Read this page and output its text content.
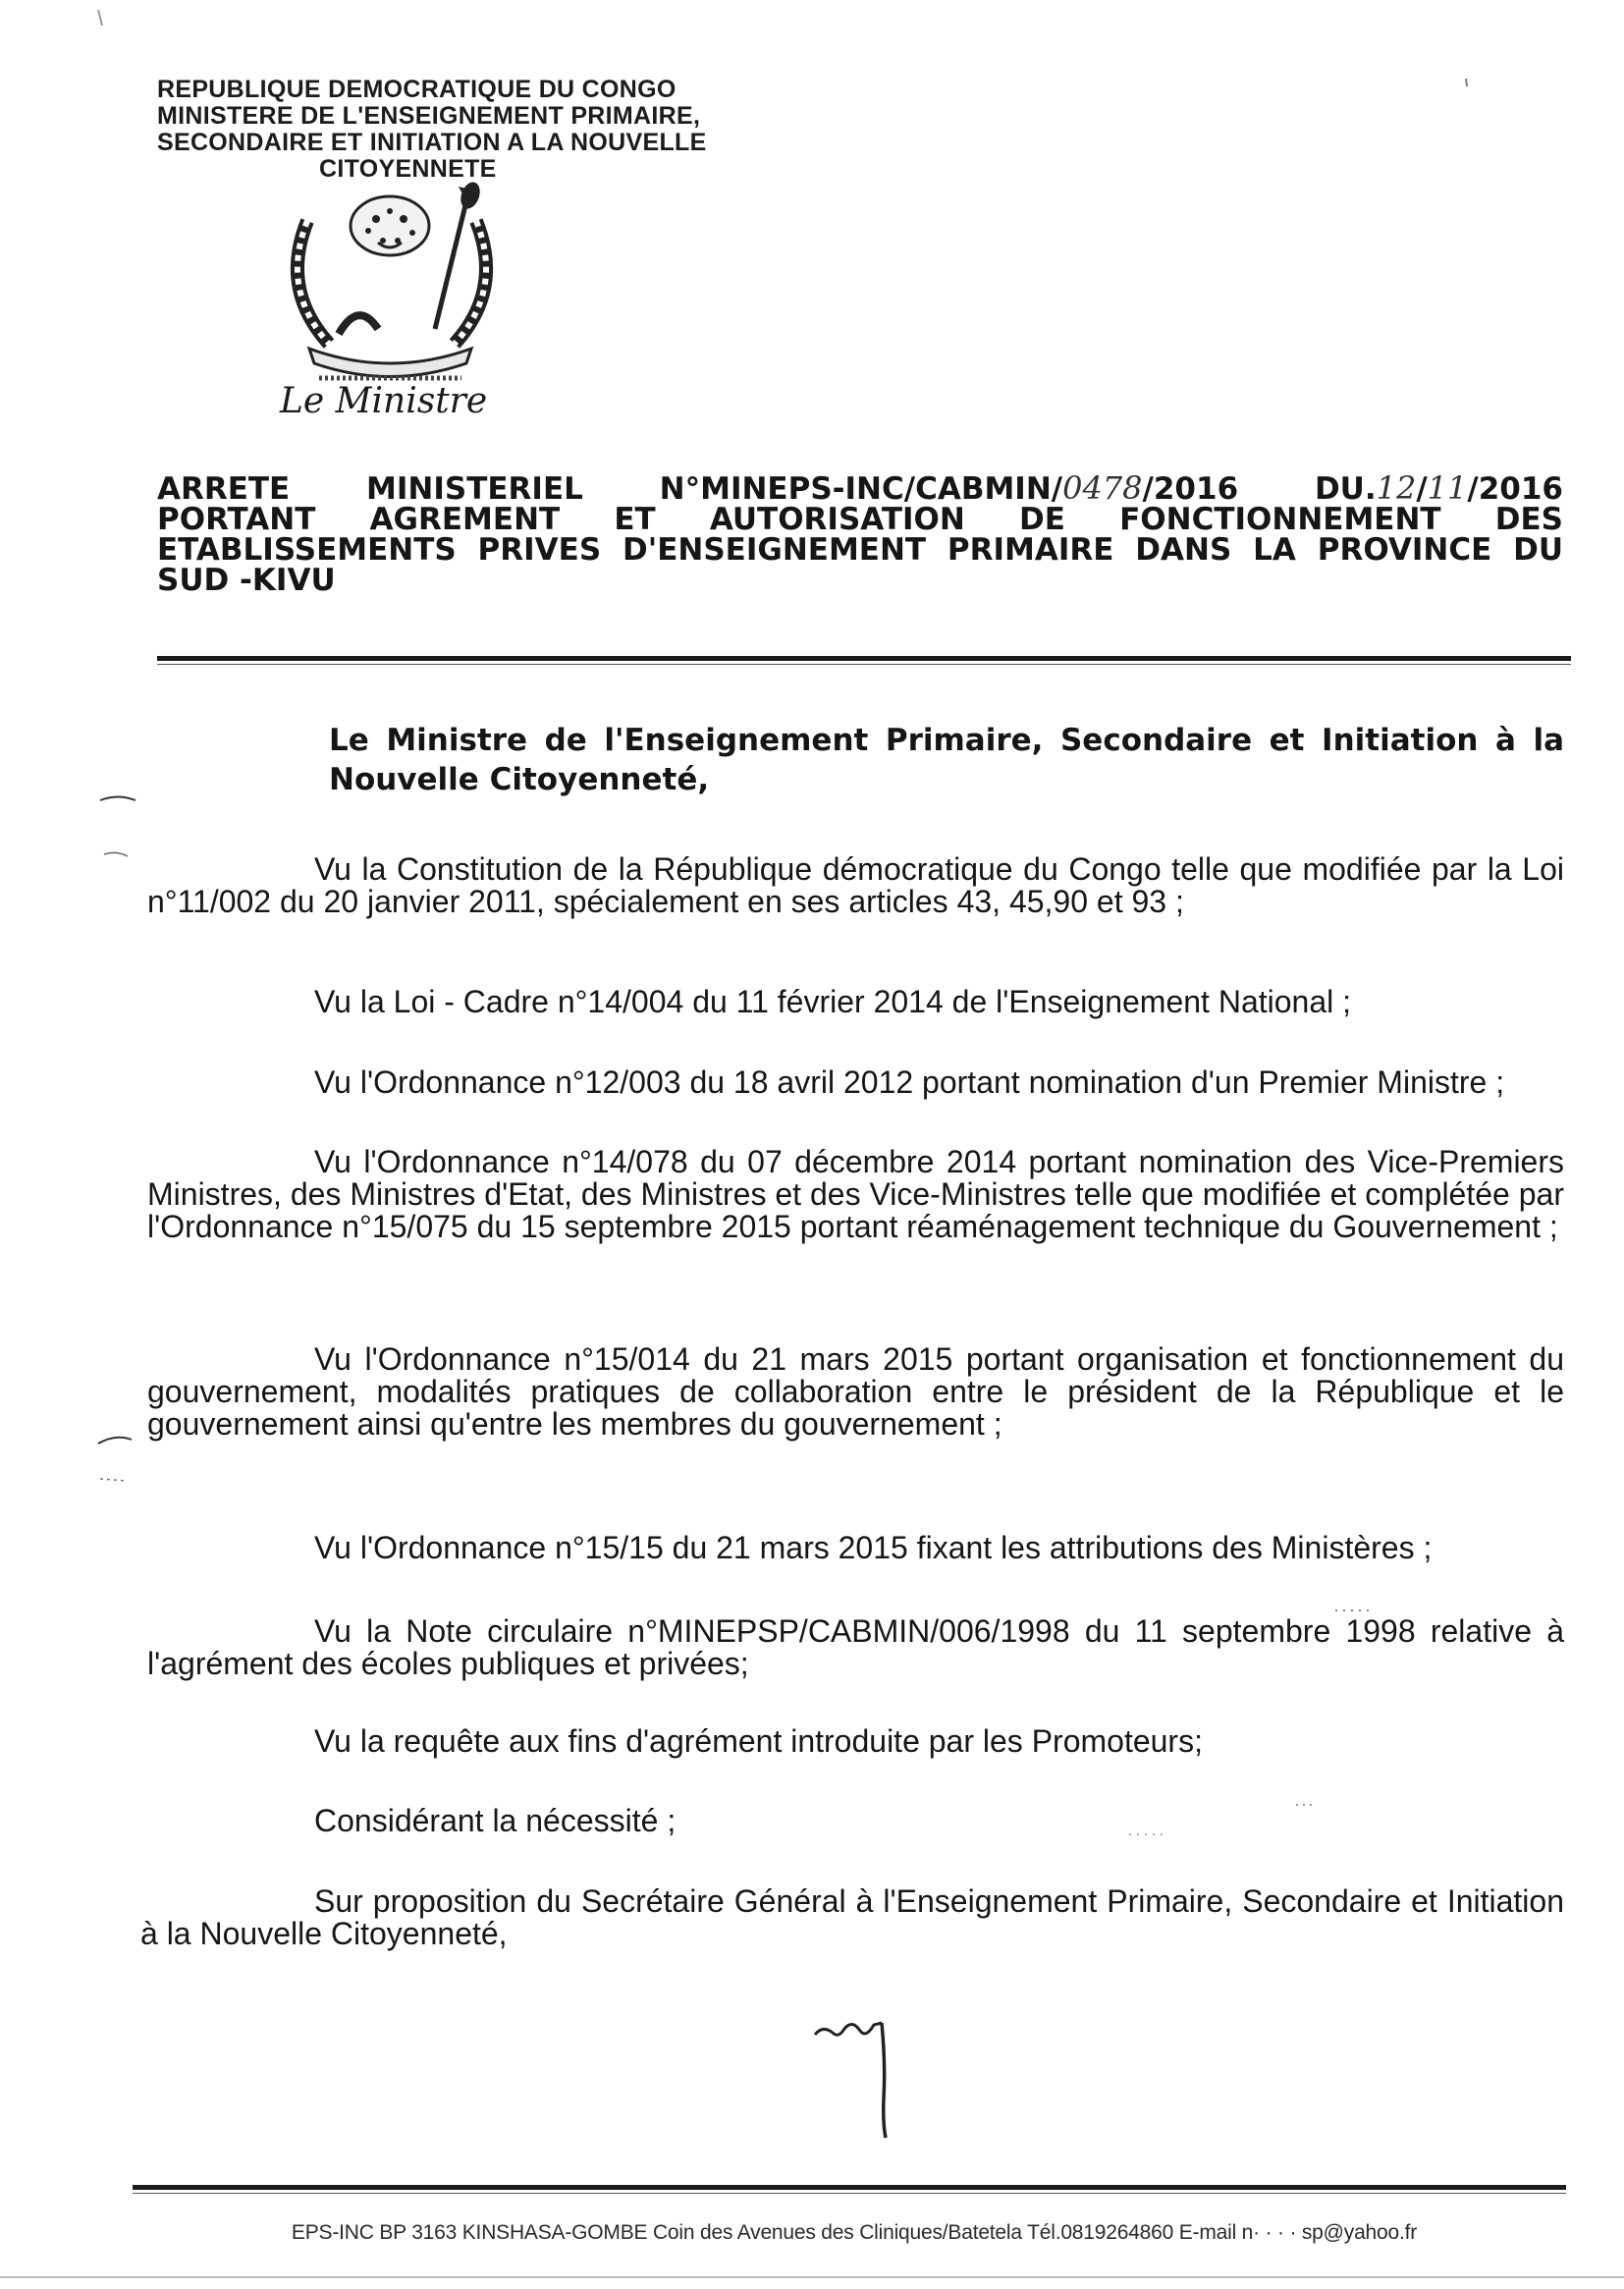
REPUBLIQUE DEMOCRATIQUE DU CONGO
MINISTERE DE L'ENSEIGNEMENT PRIMAIRE,
SECONDAIRE ET INITIATION A LA NOUVELLE
CITOYENNETE
· · · ·
Le Ministre
ARRETE MINISTERIEL N°MINEPS-INC/CABMIN/0478/2016	DU.12/11/2016
PORTANT AGREMENT ET AUTORISATION DE FONCTIONNEMENT DES
ETABLISSEMENTS PRIVES D'ENSEIGNEMENT PRIMAIRE DANS LA PROVINCE DU
SUD -KIVU
Le Ministre de l'Enseignement Primaire, Secondaire et Initiation à la Nouvelle Citoyenneté,
Vu la Constitution de la République démocratique du Congo telle que modifiée par la Loi n°11/002 du 20 janvier 2011, spécialement en ses articles 43, 45,90 et 93 ;
Vu la Loi - Cadre n°14/004 du 11 février 2014 de l'Enseignement National ;
Vu l'Ordonnance n°12/003 du 18 avril 2012 portant nomination d'un Premier Ministre ;
Vu l'Ordonnance n°14/078 du 07 décembre 2014 portant nomination des Vice-Premiers Ministres, des Ministres d'Etat, des Ministres et des Vice-Ministres telle que modifiée et complétée par l'Ordonnance n°15/075 du 15 septembre 2015 portant réaménagement technique du Gouvernement ;
Vu l'Ordonnance n°15/014 du 21 mars 2015 portant organisation et fonctionnement du gouvernement, modalités pratiques de collaboration entre le président de la République et le gouvernement ainsi qu'entre les membres du gouvernement ;
Vu l'Ordonnance n°15/15 du 21 mars 2015 fixant les attributions des Ministères ;
Vu la Note circulaire n°MINEPSP/CABMIN/006/1998 du 11 septembre 1998 relative à l'agrément des écoles publiques et privées;
Vu la requête aux fins d'agrément introduite par les Promoteurs;
Considérant la nécessité ;
Sur proposition du Secrétaire Général à l'Enseignement Primaire, Secondaire et Initiation à la Nouvelle Citoyenneté,
EPS-INC BP 3163 KINSHASA-GOMBE Coin des Avenues des Cliniques/Batetela Tél.0819264860 E-mail n· · · · sp@yahoo.fr
